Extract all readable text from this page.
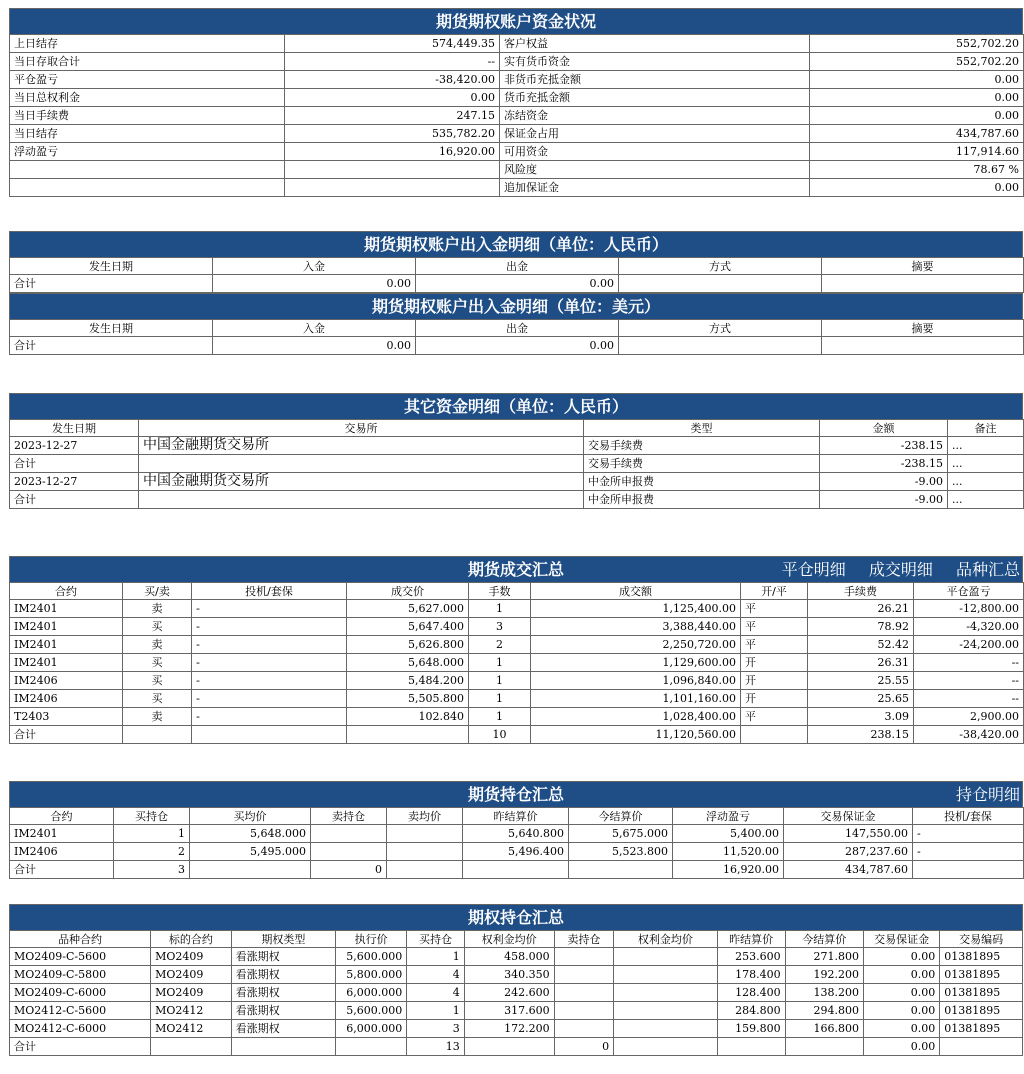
期货期权账户资金状况
上日结存	574,449.35	客户权益	552,702.20
当日存取合计	--	实有货币资金	552,702.20
平仓盈亏	-38,420.00	非货币充抵金额	0.00
当日总权利金	0.00	货币充抵金额	0.00
当日手续费	247.15	冻结资金	0.00
当日结存	535,782.20	保证金占用	434,787.60
浮动盈亏	16,920.00	可用资金	117,914.60
		风险度	78.67 %
		追加保证金	0.00
期货期权账户出入金明细（单位：人民币）
发生日期	入金	出金	方式	摘要
合计	0.00	0.00		
期货期权账户出入金明细（单位：美元）
发生日期	入金	出金	方式	摘要
合计	0.00	0.00		
其它资金明细（单位：人民币）
发生日期	交易所	类型	金额	备注
2023-12-27	中国金融期货交易所	交易手续费	-238.15	...
合计		交易手续费	-238.15	...
2023-12-27	中国金融期货交易所	中金所申报费	-9.00	...
合计		中金所申报费	-9.00	...
期货成交汇总	平仓明细 成交明细 品种汇总
合约	买/卖	投机/套保	成交价	手数	成交额	开/平	手续费	平仓盈亏
IM2401	卖	-	5,627.000	1	1,125,400.00	平	26.21	-12,800.00
IM2401	买	-	5,647.400	3	3,388,440.00	平	78.92	-4,320.00
IM2401	卖	-	5,626.800	2	2,250,720.00	平	52.42	-24,200.00
IM2401	买	-	5,648.000	1	1,129,600.00	开	26.31	--
IM2406	买	-	5,484.200	1	1,096,840.00	开	25.55	--
IM2406	买	-	5,505.800	1	1,101,160.00	开	25.65	--
T2403	卖	-	102.840	1	1,028,400.00	平	3.09	2,900.00
合计				10	11,120,560.00		238.15	-38,420.00
期货持仓汇总	持仓明细
合约	买持仓	买均价	卖持仓	卖均价	昨结算价	今结算价	浮动盈亏	交易保证金	投机/套保
IM2401	1	5,648.000			5,640.800	5,675.000	5,400.00	147,550.00	-
IM2406	2	5,495.000			5,496.400	5,523.800	11,520.00	287,237.60	-
合计	3		0				16,920.00	434,787.60	
期权持仓汇总
品种合约	标的合约	期权类型	执行价	买持仓	权利金均价	卖持仓	权利金均价	昨结算价	今结算价	交易保证金	交易编码
MO2409-C-5600	MO2409	看涨期权	5,600.000	1	458.000			253.600	271.800	0.00	01381895
MO2409-C-5800	MO2409	看涨期权	5,800.000	4	340.350			178.400	192.200	0.00	01381895
MO2409-C-6000	MO2409	看涨期权	6,000.000	4	242.600			128.400	138.200	0.00	01381895
MO2412-C-5600	MO2412	看涨期权	5,600.000	1	317.600			284.800	294.800	0.00	01381895
MO2412-C-6000	MO2412	看涨期权	6,000.000	3	172.200			159.800	166.800	0.00	01381895
合计				13		0				0.00	
